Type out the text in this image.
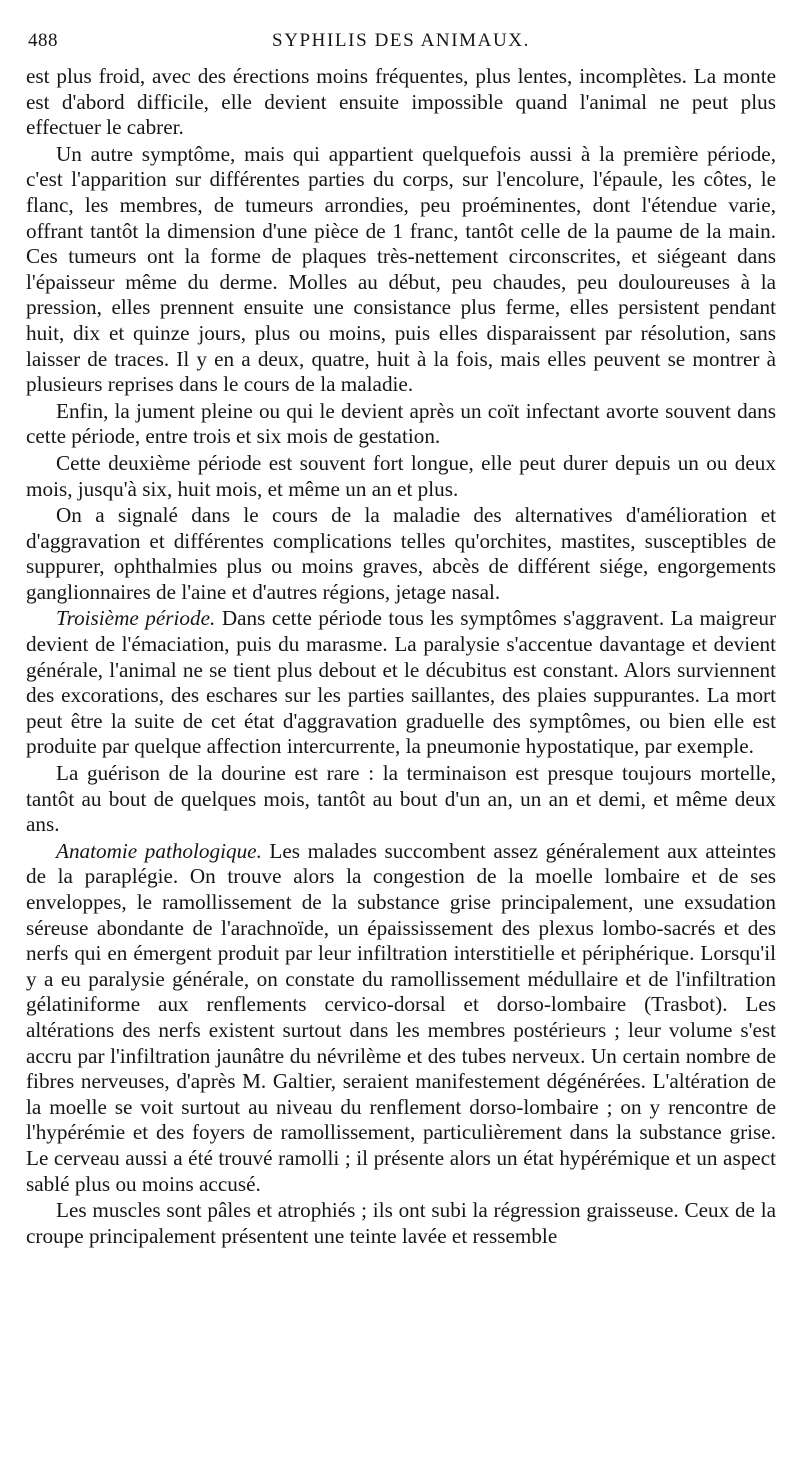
488	SYPHILIS DES ANIMAUX.

est plus froid, avec des érections moins fréquentes, plus lentes, incomplètes. La monte est d'abord difficile, elle devient ensuite impossible quand l'animal ne peut plus effectuer le cabrer.

Un autre symptôme, mais qui appartient quelquefois aussi à la première période, c'est l'apparition sur différentes parties du corps, sur l'encolure, l'épaule, les côtes, le flanc, les membres, de tumeurs arrondies, peu proéminentes, dont l'étendue varie, offrant tantôt la dimension d'une pièce de 1 franc, tantôt celle de la paume de la main. Ces tumeurs ont la forme de plaques très-nettement circonscrites, et siégeant dans l'épaisseur même du derme. Molles au début, peu chaudes, peu douloureuses à la pression, elles prennent ensuite une consistance plus ferme, elles persistent pendant huit, dix et quinze jours, plus ou moins, puis elles disparaissent par résolution, sans laisser de traces. Il y en a deux, quatre, huit à la fois, mais elles peuvent se montrer à plusieurs reprises dans le cours de la maladie.

Enfin, la jument pleine ou qui le devient après un coït infectant avorte souvent dans cette période, entre trois et six mois de gestation.

Cette deuxième période est souvent fort longue, elle peut durer depuis un ou deux mois, jusqu'à six, huit mois, et même un an et plus.

On a signalé dans le cours de la maladie des alternatives d'amélioration et d'aggravation et différentes complications telles qu'orchites, mastites, susceptibles de suppurer, ophthalmies plus ou moins graves, abcès de différent siége, engorgements ganglionnaires de l'aine et d'autres régions, jetage nasal.

Troisième période. Dans cette période tous les symptômes s'aggravent. La maigreur devient de l'émaciation, puis du marasme. La paralysie s'accentue davantage et devient générale, l'animal ne se tient plus debout et le décubitus est constant. Alors surviennent des excorations, des eschares sur les parties saillantes, des plaies suppurantes. La mort peut être la suite de cet état d'aggravation graduelle des symptômes, ou bien elle est produite par quelque affection intercurrente, la pneumonie hypostatique, par exemple.

La guérison de la dourine est rare : la terminaison est presque toujours mortelle, tantôt au bout de quelques mois, tantôt au bout d'un an, un an et demi, et même deux ans.

Anatomie pathologique. Les malades succombent assez généralement aux atteintes de la paraplégie. On trouve alors la congestion de la moelle lombaire et de ses enveloppes, le ramollissement de la substance grise principalement, une exsudation séreuse abondante de l'arachnoïde, un épaississement des plexus lombo-sacrés et des nerfs qui en émergent produit par leur infiltration interstitielle et périphérique. Lorsqu'il y a eu paralysie générale, on constate du ramollissement médullaire et de l'infiltration gélatiniforme aux renflements cervico-dorsal et dorso-lombaire (Trasbot). Les altérations des nerfs existent surtout dans les membres postérieurs ; leur volume s'est accru par l'infiltration jaunâtre du névrilème et des tubes nerveux. Un certain nombre de fibres nerveuses, d'après M. Galtier, seraient manifestement dégénérées. L'altération de la moelle se voit surtout au niveau du renflement dorso-lombaire ; on y rencontre de l'hypérémie et des foyers de ramollissement, particulièrement dans la substance grise. Le cerveau aussi a été trouvé ramolli ; il présente alors un état hypérémique et un aspect sablé plus ou moins accusé.

Les muscles sont pâles et atrophiés ; ils ont subi la régression graisseuse. Ceux de la croupe principalement présentent une teinte lavée et ressemble
